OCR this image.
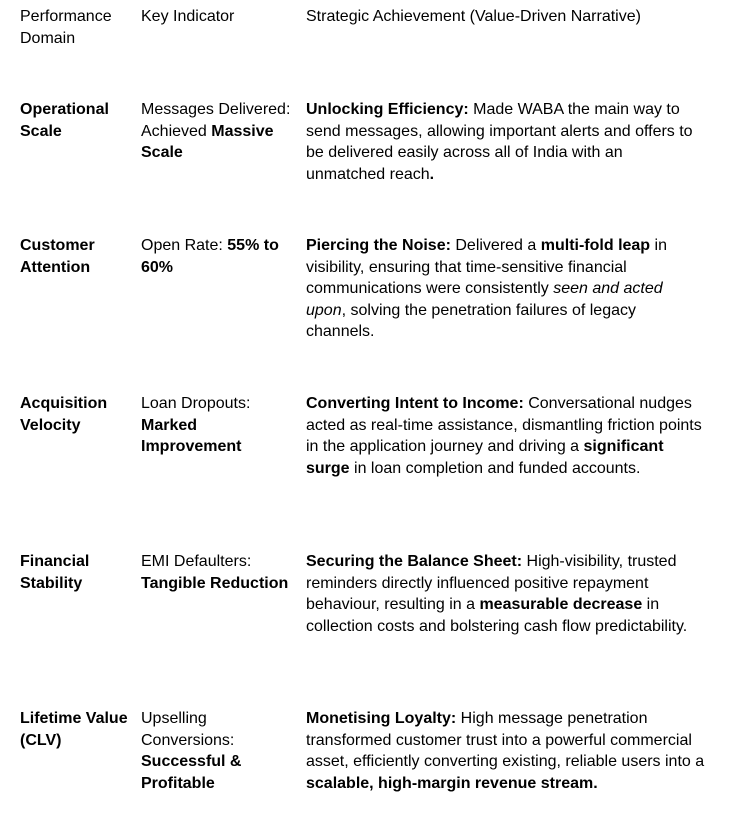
Performance Domain
Key Indicator	Strategic Achievement (Value-Driven Narrative)
Operational Scale
Messages Delivered: Achieved Massive Scale
Unlocking Efficiency: Made WABA the main way to send messages, allowing important alerts and offers to be delivered easily across all of India with an unmatched reach.
Customer Attention
Open Rate: 55% to 60%
Piercing the Noise: Delivered a multi-fold leap in visibility, ensuring that time-sensitive financial communications were consistently seen and acted upon, solving the penetration failures of legacy channels.
Acquisition Velocity
Loan Dropouts: Marked Improvement
Converting Intent to Income: Conversational nudges acted as real-time assistance, dismantling friction points in the application journey and driving a significant surge in loan completion and funded accounts.
Financial Stability
EMI Defaulters: Tangible Reduction
Securing the Balance Sheet: High-visibility, trusted reminders directly influenced positive repayment behaviour, resulting in a measurable decrease in collection costs and bolstering cash flow predictability.
Lifetime Value (CLV)
Upselling Conversions: Successful & Profitable
Monetising Loyalty: High message penetration transformed customer trust into a powerful commercial asset, efficiently converting existing, reliable users into a scalable, high-margin revenue stream.
